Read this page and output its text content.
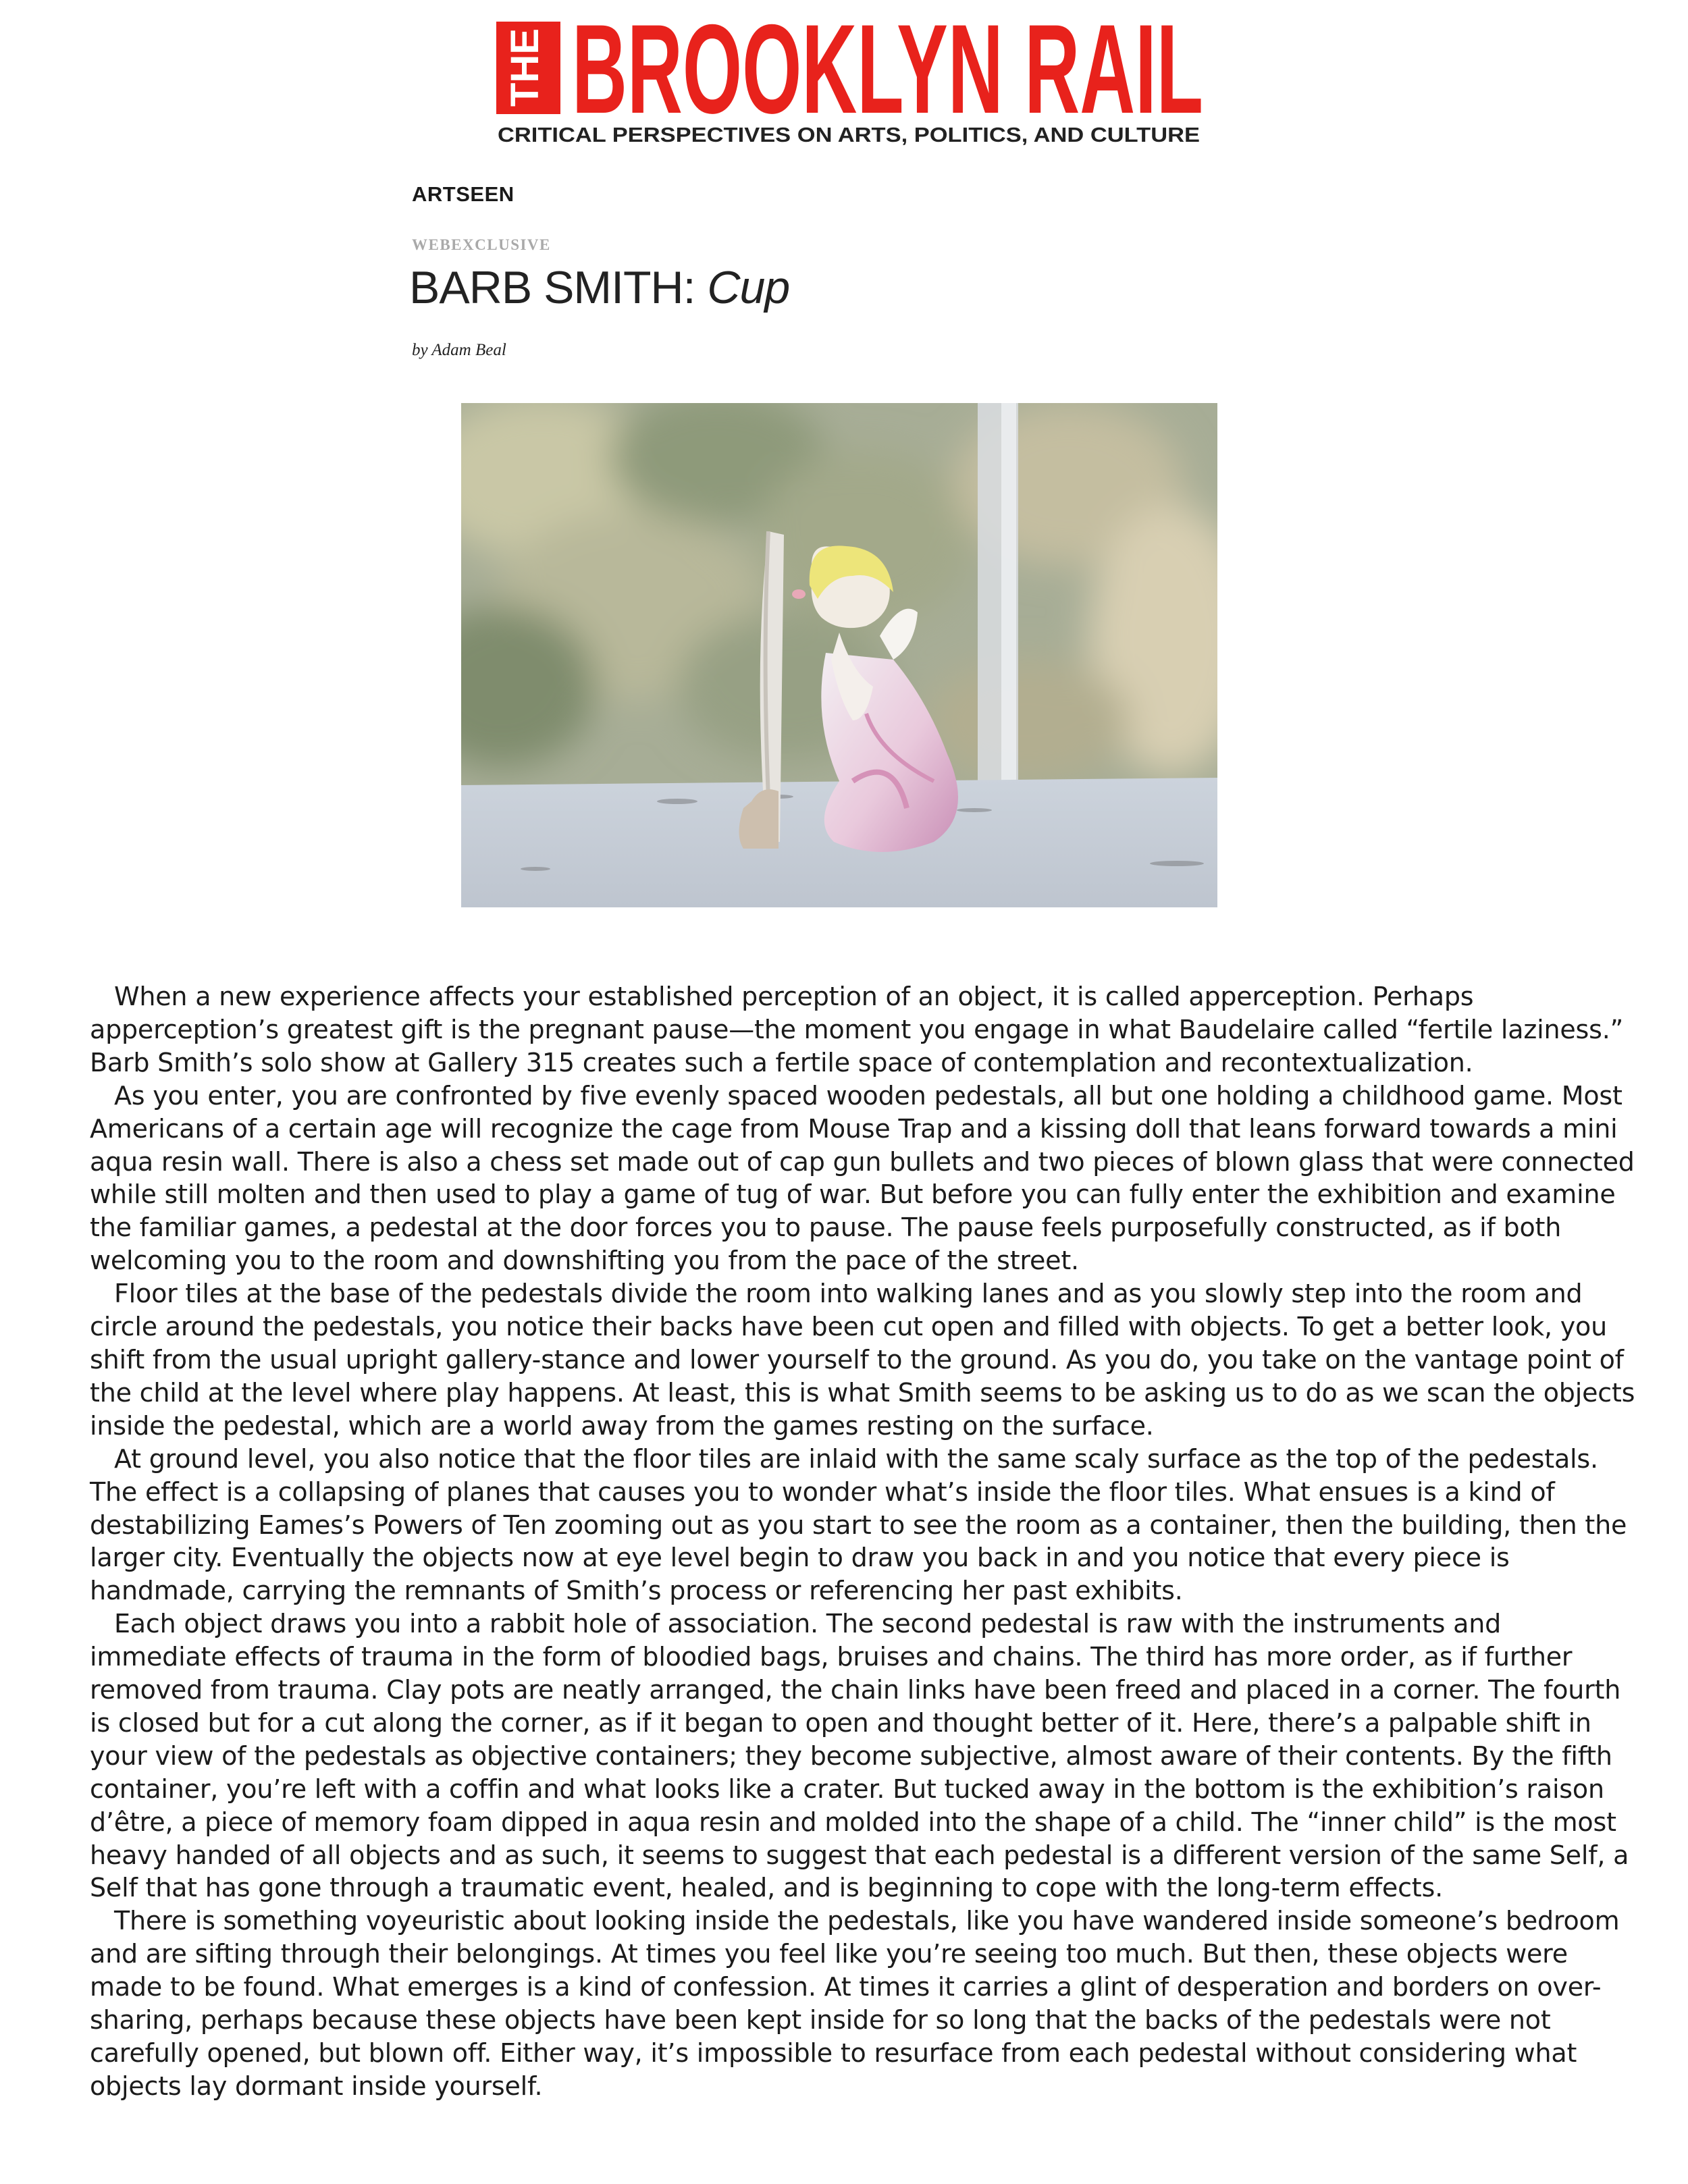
THE BROOKLYN RAIL
CRITICAL PERSPECTIVES ON ARTS, POLITICS, AND CULTURE
ARTSEEN
WEBEXCLUSIVE
BARB SMITH: Cup
by Adam Beal

When a new experience affects your established perception of an object, it is called apperception. Perhaps apperception’s greatest gift is the pregnant pause—the moment you engage in what Baudelaire called “fertile laziness.” Barb Smith’s solo show at Gallery 315 creates such a fertile space of contemplation and recontextualization.

As you enter, you are confronted by five evenly spaced wooden pedestals, all but one holding a childhood game. Most Americans of a certain age will recognize the cage from Mouse Trap and a kissing doll that leans forward towards a mini aqua resin wall. There is also a chess set made out of cap gun bullets and two pieces of blown glass that were connected while still molten and then used to play a game of tug of war. But before you can fully enter the exhibition and examine the familiar games, a pedestal at the door forces you to pause. The pause feels purposefully constructed, as if both welcoming you to the room and downshifting you from the pace of the street.

Floor tiles at the base of the pedestals divide the room into walking lanes and as you slowly step into the room and circle around the pedestals, you notice their backs have been cut open and filled with objects. To get a better look, you shift from the usual upright gallery-stance and lower yourself to the ground. As you do, you take on the vantage point of the child at the level where play happens. At least, this is what Smith seems to be asking us to do as we scan the objects inside the pedestal, which are a world away from the games resting on the surface.

At ground level, you also notice that the floor tiles are inlaid with the same scaly surface as the top of the pedestals. The effect is a collapsing of planes that causes you to wonder what’s inside the floor tiles. What ensues is a kind of destabilizing Eames’s Powers of Ten zooming out as you start to see the room as a container, then the building, then the larger city. Eventually the objects now at eye level begin to draw you back in and you notice that every piece is handmade, carrying the remnants of Smith’s process or referencing her past exhibits.

Each object draws you into a rabbit hole of association. The second pedestal is raw with the instruments and immediate effects of trauma in the form of bloodied bags, bruises and chains. The third has more order, as if further removed from trauma. Clay pots are neatly arranged, the chain links have been freed and placed in a corner. The fourth is closed but for a cut along the corner, as if it began to open and thought better of it. Here, there’s a palpable shift in your view of the pedestals as objective containers; they become subjective, almost aware of their contents. By the fifth container, you’re left with a coffin and what looks like a crater. But tucked away in the bottom is the exhibition’s raison d’être, a piece of memory foam dipped in aqua resin and molded into the shape of a child. The “inner child” is the most heavy handed of all objects and as such, it seems to suggest that each pedestal is a different version of the same Self, a Self that has gone through a traumatic event, healed, and is beginning to cope with the long-term effects.

There is something voyeuristic about looking inside the pedestals, like you have wandered inside someone’s bedroom and are sifting through their belongings. At times you feel like you’re seeing too much. But then, these objects were made to be found. What emerges is a kind of confession. At times it carries a glint of desperation and borders on over-sharing, perhaps because these objects have been kept inside for so long that the backs of the pedestals were not carefully opened, but blown off. Either way, it’s impossible to resurface from each pedestal without considering what objects lay dormant inside yourself.
